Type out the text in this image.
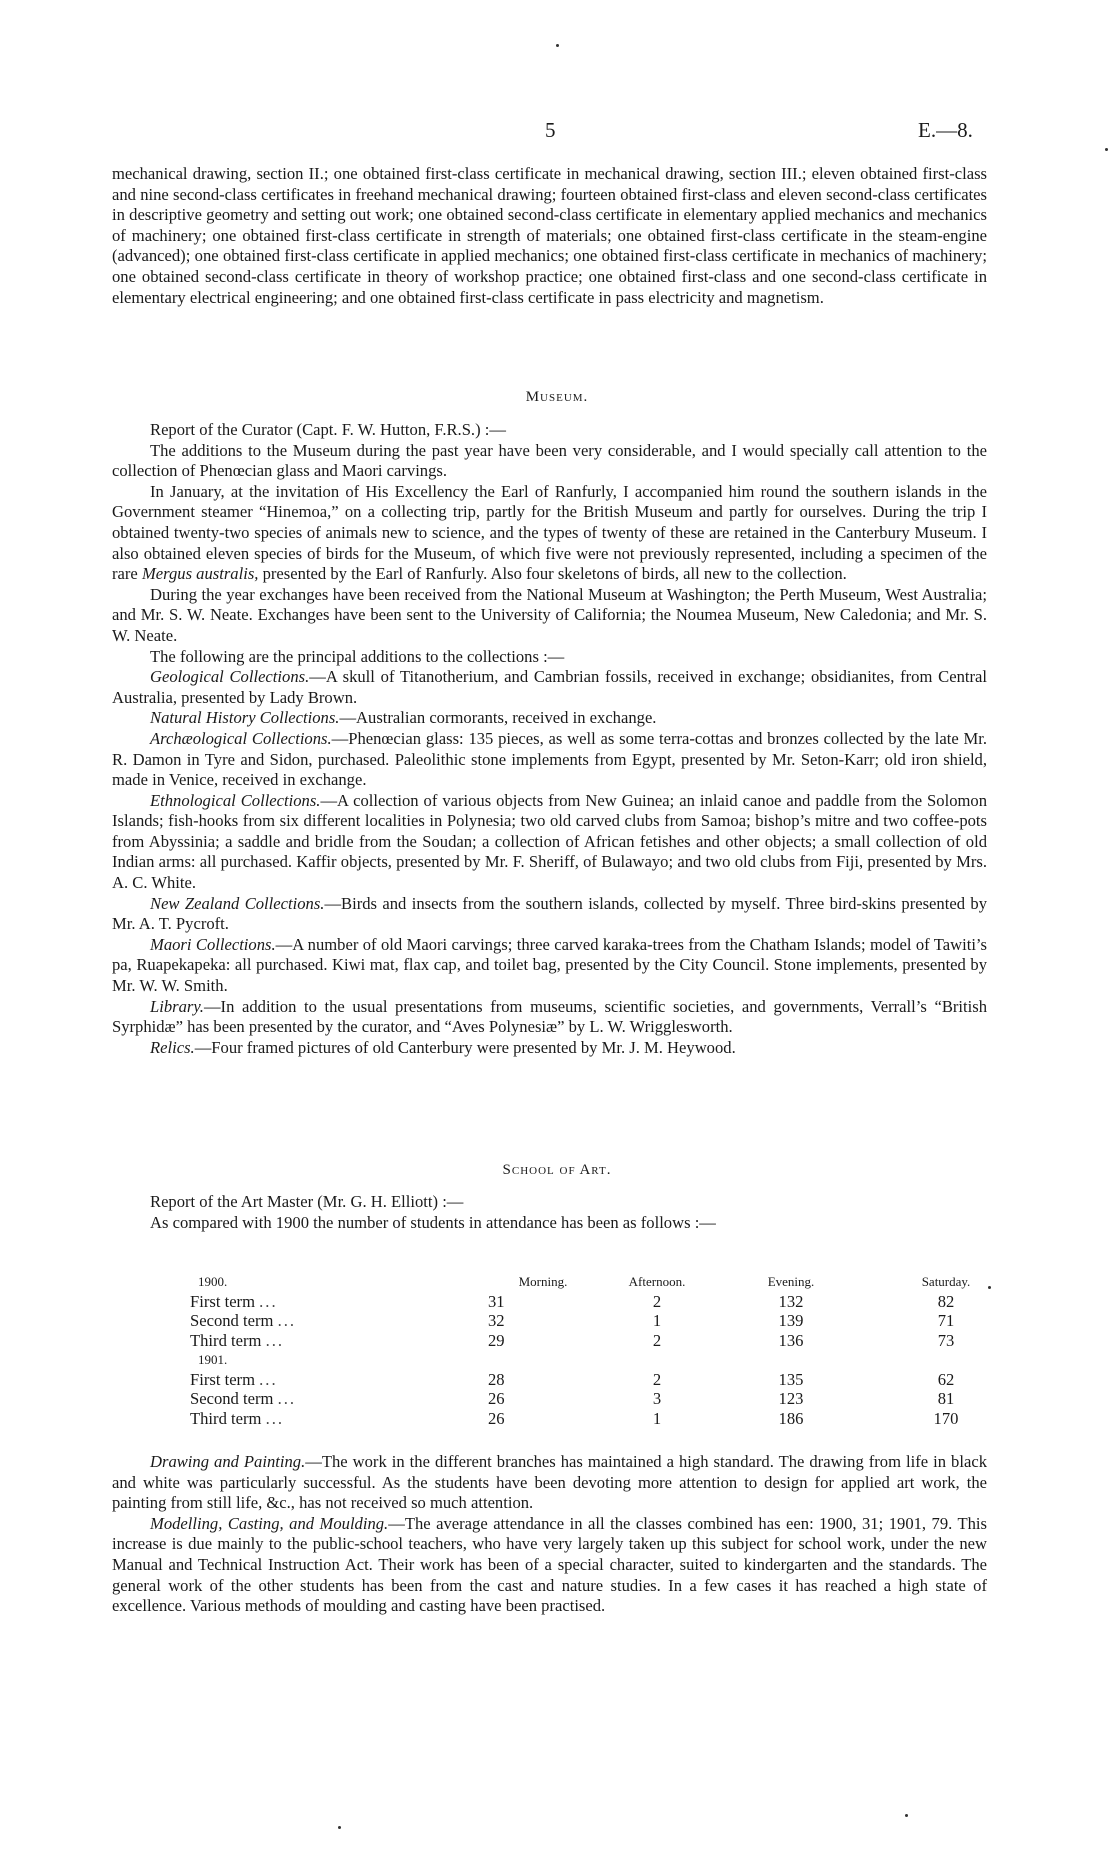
5	E.—8.

mechanical drawing, section II.; one obtained first-class certificate in mechanical drawing, section III.; eleven obtained first-class and nine second-class certificates in freehand mechanical drawing; fourteen obtained first-class and eleven second-class certificates in descriptive geometry and setting out work; one obtained second-class certificate in elementary applied mechanics and mechanics of machinery; one obtained first-class certificate in strength of materials; one obtained first-class certificate in the steam-engine (advanced); one obtained first-class certificate in applied mechanics; one obtained first-class certificate in mechanics of machinery; one obtained second-class certificate in theory of workshop practice; one obtained first-class and one second-class certificate in elementary electrical engineering; and one obtained first-class certificate in pass electricity and magnetism.

Museum.

Report of the Curator (Capt. F. W. Hutton, F.R.S.) :—

The additions to the Museum during the past year have been very considerable, and I would specially call attention to the collection of Phenœcian glass and Maori carvings.

In January, at the invitation of His Excellency the Earl of Ranfurly, I accompanied him round the southern islands in the Government steamer “Hinemoa,” on a collecting trip, partly for the British Museum and partly for ourselves. During the trip I obtained twenty-two species of animals new to science, and the types of twenty of these are retained in the Canterbury Museum. I also obtained eleven species of birds for the Museum, of which five were not previously represented, including a specimen of the rare Mergus australis, presented by the Earl of Ranfurly. Also four skeletons of birds, all new to the collection.

During the year exchanges have been received from the National Museum at Washington; the Perth Museum, West Australia; and Mr. S. W. Neate. Exchanges have been sent to the University of California; the Noumea Museum, New Caledonia; and Mr. S. W. Neate.

The following are the principal additions to the collections :—

Geological Collections.—A skull of Titanotherium, and Cambrian fossils, received in exchange; obsidianites, from Central Australia, presented by Lady Brown.

Natural History Collections.—Australian cormorants, received in exchange.

Archæological Collections.—Phenœcian glass: 135 pieces, as well as some terra-cottas and bronzes collected by the late Mr. R. Damon in Tyre and Sidon, purchased. Paleolithic stone implements from Egypt, presented by Mr. Seton-Karr; old iron shield, made in Venice, received in exchange.

Ethnological Collections.—A collection of various objects from New Guinea; an inlaid canoe and paddle from the Solomon Islands; fish-hooks from six different localities in Polynesia; two old carved clubs from Samoa; bishop’s mitre and two coffee-pots from Abyssinia; a saddle and bridle from the Soudan; a collection of African fetishes and other objects; a small collection of old Indian arms: all purchased. Kaffir objects, presented by Mr. F. Sheriff, of Bulawayo; and two old clubs from Fiji, presented by Mrs. A. C. White.

New Zealand Collections.—Birds and insects from the southern islands, collected by myself. Three bird-skins presented by Mr. A. T. Pycroft.

Maori Collections.—A number of old Maori carvings; three carved karaka-trees from the Chatham Islands; model of Tawiti’s pa, Ruapekapeka: all purchased. Kiwi mat, flax cap, and toilet bag, presented by the City Council. Stone implements, presented by Mr. W. W. Smith.

Library.—In addition to the usual presentations from museums, scientific societies, and governments, Verrall’s “British Syrphidæ” has been presented by the curator, and “Aves Polynesiæ” by L. W. Wrigglesworth.

Relics.—Four framed pictures of old Canterbury were presented by Mr. J. M. Heywood.

School of Art.

Report of the Art Master (Mr. G. H. Elliott) :—

As compared with 1900 the number of students in attendance has been as follows :—

1900.	Morning.	Afternoon.	Evening.	Saturday.
First term ...	31	2	132	82
Second term ...	32	1	139	71
Third term ...	29	2	136	73
1901.				
First term ...	28	2	135	62
Second term ...	26	3	123	81
Third term ...	26	1	186	170

Drawing and Painting.—The work in the different branches has maintained a high standard. The drawing from life in black and white was particularly successful. As the students have been devoting more attention to design for applied art work, the painting from still life, &c., has not received so much attention.

Modelling, Casting, and Moulding.—The average attendance in all the classes combined has een: 1900, 31; 1901, 79. This increase is due mainly to the public-school teachers, who have very largely taken up this subject for school work, under the new Manual and Technical Instruction Act. Their work has been of a special character, suited to kindergarten and the standards. The general work of the other students has been from the cast and nature studies. In a few cases it has reached a high state of excellence. Various methods of moulding and casting have been practised.
